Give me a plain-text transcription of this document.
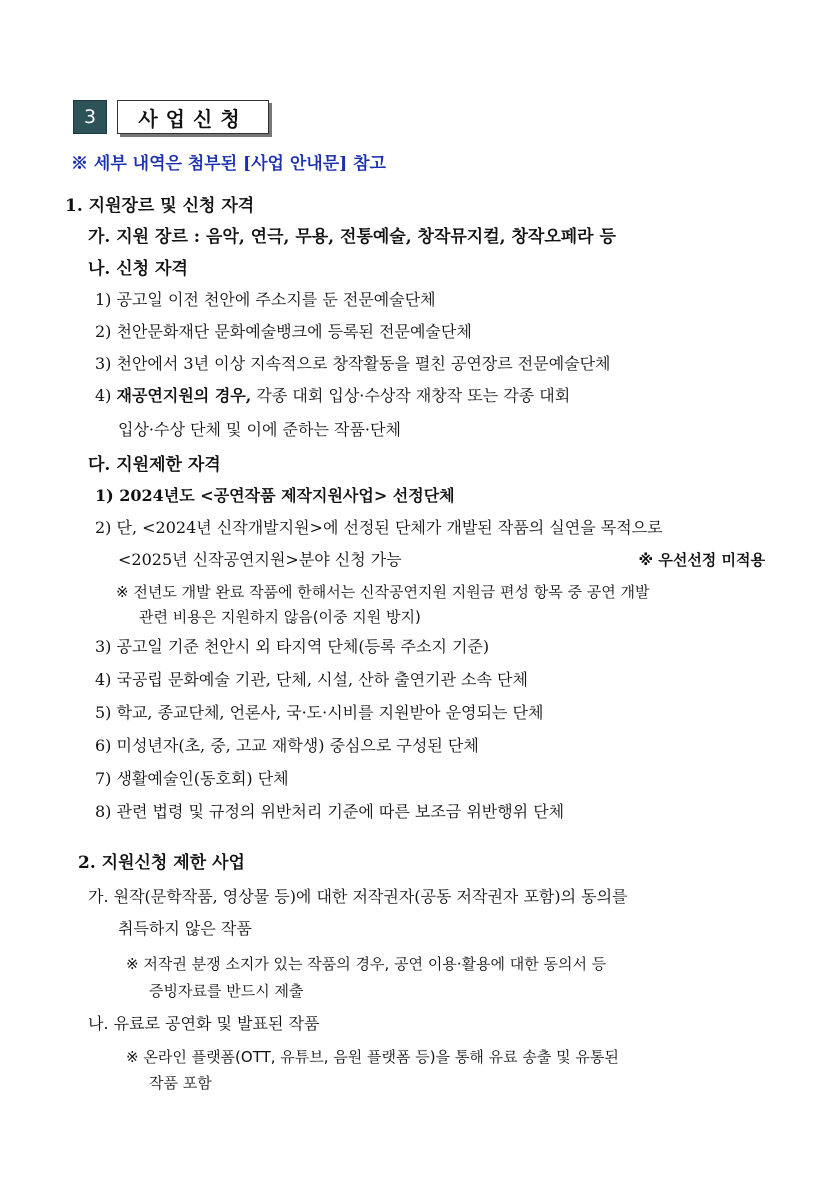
3	사업신청
※ 세부 내역은 첨부된 [사업 안내문] 참고
1. 지원장르 및 신청 자격
가. 지원 장르 : 음악, 연극, 무용, 전통예술, 창작뮤지컬, 창작오페라 등
나. 신청 자격
1) 공고일 이전 천안에 주소지를 둔 전문예술단체
2) 천안문화재단 문화예술뱅크에 등록된 전문예술단체
3) 천안에서 3년 이상 지속적으로 창작활동을 펼친 공연장르 전문예술단체
4) 재공연지원의 경우, 각종 대회 입상·수상작 재창작 또는 각종 대회
입상·수상 단체 및 이에 준하는 작품·단체
다. 지원제한 자격
1) 2024년도 <공연작품 제작지원사업> 선정단체
2) 단, <2024년 신작개발지원>에 선정된 단체가 개발된 작품의 실연을 목적으로
<2025년 신작공연지원>분야 신청 가능	※ 우선선정 미적용
※ 전년도 개발 완료 작품에 한해서는 신작공연지원 지원금 편성 항목 중 공연 개발
관련 비용은 지원하지 않음(이중 지원 방지)
3) 공고일 기준 천안시 외 타지역 단체(등록 주소지 기준)
4) 국공립 문화예술 기관, 단체, 시설, 산하 출연기관 소속 단체
5) 학교, 종교단체, 언론사, 국·도·시비를 지원받아 운영되는 단체
6) 미성년자(초, 중, 고교 재학생) 중심으로 구성된 단체
7) 생활예술인(동호회) 단체
8) 관련 법령 및 규정의 위반처리 기준에 따른 보조금 위반행위 단체
2. 지원신청 제한 사업
가. 원작(문학작품, 영상물 등)에 대한 저작권자(공동 저작권자 포함)의 동의를
취득하지 않은 작품
※ 저작권 분쟁 소지가 있는 작품의 경우, 공연 이용·활용에 대한 동의서 등
증빙자료를 반드시 제출
나. 유료로 공연화 및 발표된 작품
※ 온라인 플랫폼(OTT, 유튜브, 음원 플랫폼 등)을 통해 유료 송출 및 유통된
작품 포함
